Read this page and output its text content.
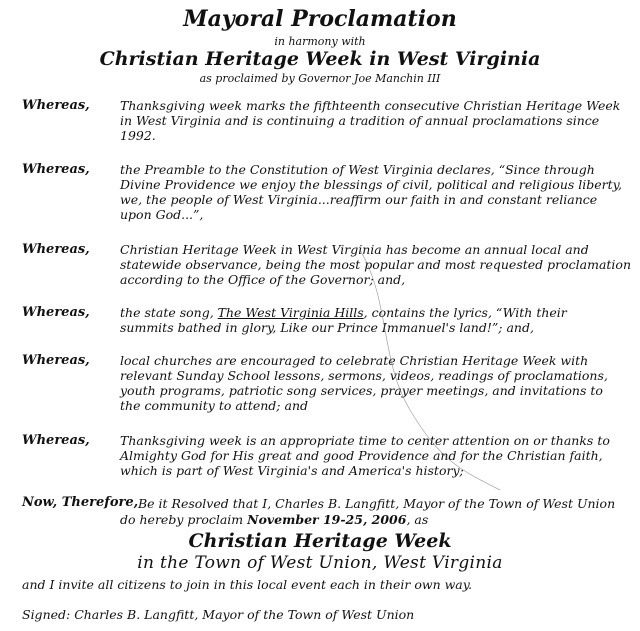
Mayoral Proclamation
in harmony with
Christian Heritage Week in West Virginia
as proclaimed by Governor Joe Manchin III
Whereas, Thanksgiving week marks the fifthteenth consecutive Christian Heritage Week
in West Virginia and is continuing a tradition of annual proclamations since
1992.
Whereas, the Preamble to the Constitution of West Virginia declares, “Since through
Divine Providence we enjoy the blessings of civil, political and religious liberty,
we, the people of West Virginia...reaffirm our faith in and constant reliance
upon God...”,
Whereas, Christian Heritage Week in West Virginia has become an annual local and
statewide observance, being the most popular and most requested proclamation
according to the Office of the Governor; and,
Whereas, the state song, The West Virginia Hills, contains the lyrics, “With their
summits bathed in glory, Like our Prince Immanuel's land!”; and,
Whereas, local churches are encouraged to celebrate Christian Heritage Week with
relevant Sunday School lessons, sermons, videos, readings of proclamations,
youth programs, patriotic song services, prayer meetings, and invitations to
the community to attend; and
Whereas, Thanksgiving week is an appropriate time to center attention on or thanks to
Almighty God for His great and good Providence and for the Christian faith,
which is part of West Virginia's and America's history;
Now, Therefore, Be it Resolved that I, Charles B. Langfitt, Mayor of the Town of West Union
do hereby proclaim November 19-25, 2006, as
Christian Heritage Week
in the Town of West Union, West Virginia
and I invite all citizens to join in this local event each in their own way.
Signed: Charles B. Langfitt, Mayor of the Town of West Union
